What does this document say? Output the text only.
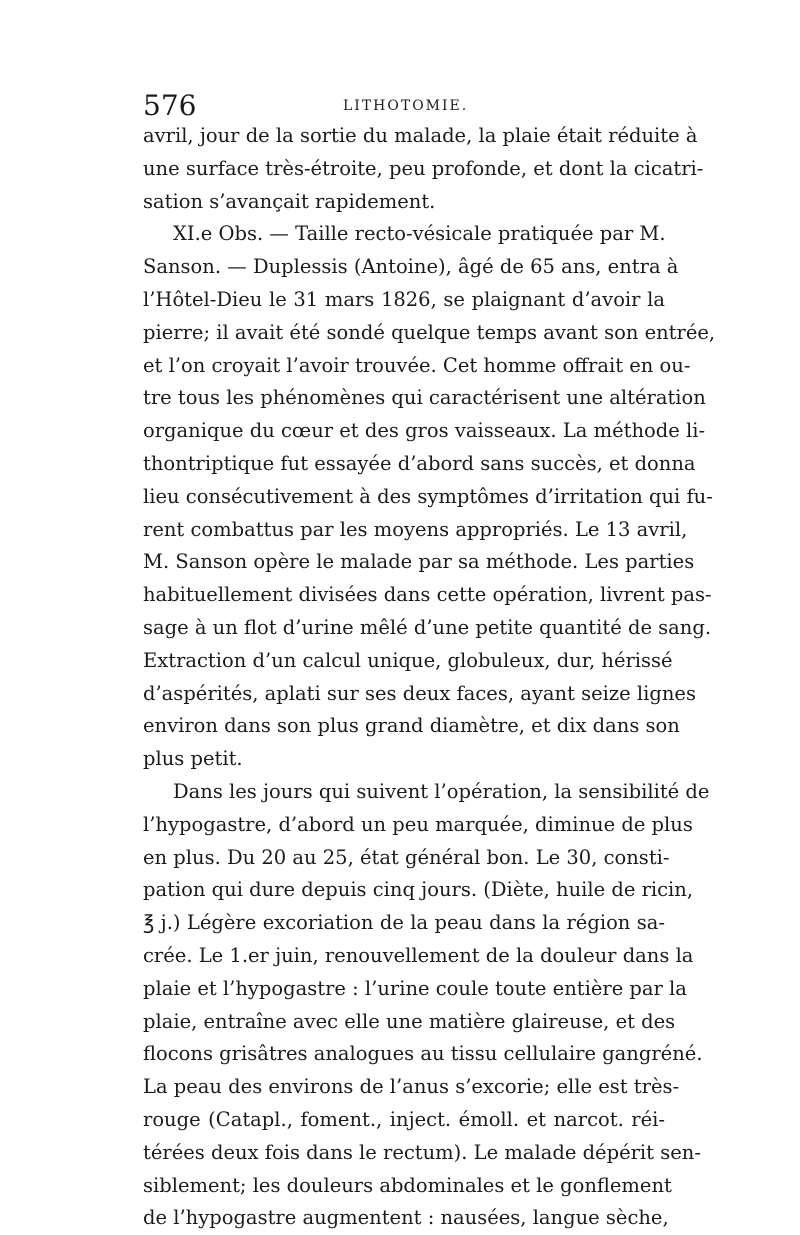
576	LITHOTOMIE.
avril, jour de la sortie du malade, la plaie était réduite à
une surface très-étroite, peu profonde, et dont la cicatri-
sation s’avançait rapidement.
XI.e Obs. — Taille recto-vésicale pratiquée par M.
Sanson. — Duplessis (Antoine), âgé de 65 ans, entra à
l’Hôtel-Dieu le 31 mars 1826, se plaignant d’avoir la
pierre; il avait été sondé quelque temps avant son entrée,
et l’on croyait l’avoir trouvée. Cet homme offrait en ou-
tre tous les phénomènes qui caractérisent une altération
organique du cœur et des gros vaisseaux. La méthode li-
thontriptique fut essayée d’abord sans succès, et donna
lieu consécutivement à des symptômes d’irritation qui fu-
rent combattus par les moyens appropriés. Le 13 avril,
M. Sanson opère le malade par sa méthode. Les parties
habituellement divisées dans cette opération, livrent pas-
sage à un flot d’urine mêlé d’une petite quantité de sang.
Extraction d’un calcul unique, globuleux, dur, hérissé
d’aspérités, aplati sur ses deux faces, ayant seize lignes
environ dans son plus grand diamètre, et dix dans son
plus petit.
Dans les jours qui suivent l’opération, la sensibilité de
l’hypogastre, d’abord un peu marquée, diminue de plus
en plus. Du 20 au 25, état général bon. Le 30, consti-
pation qui dure depuis cinq jours. (Diète, huile de ricin,
℥ j.) Légère excoriation de la peau dans la région sa-
crée. Le 1.er juin, renouvellement de la douleur dans la
plaie et l’hypogastre : l’urine coule toute entière par la
plaie, entraîne avec elle une matière glaireuse, et des
flocons grisâtres analogues au tissu cellulaire gangréné.
La peau des environs de l’anus s’excorie; elle est très-
rouge (Catapl., foment., inject. émoll. et narcot. réi-
térées deux fois dans le rectum). Le malade dépérit sen-
siblement; les douleurs abdominales et le gonflement
de l’hypogastre augmentent : nausées, langue sèche,
